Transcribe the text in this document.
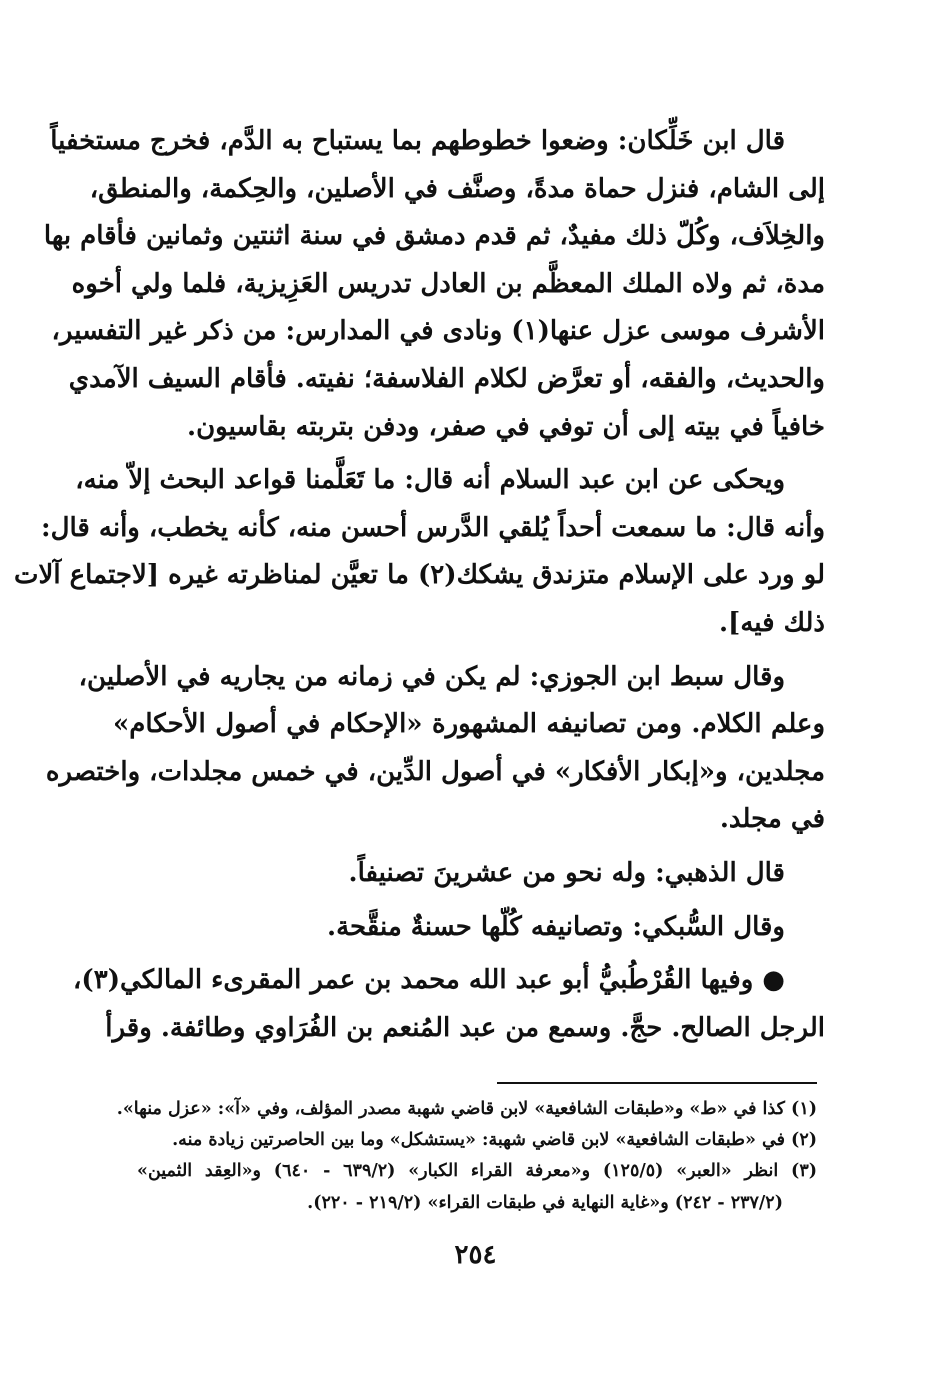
قال ابن خَلِّكان: وضعوا خطوطهم بما يستباح به الدَّم، فخرج مستخفياً
إلى الشام، فنزل حماة مدةً، وصنَّف في الأصلين، والحِكمة، والمنطق،
والخِلاَف، وكُلّ ذلك مفيدٌ، ثم قدم دمشق في سنة اثنتين وثمانين فأقام بها
مدة، ثم ولاه الملك المعظَّم بن العادل تدريس العَزِيزية، فلما ولي أخوه
الأشرف موسى عزل عنها(١) ونادى في المدارس: من ذكر غير التفسير،
والحديث، والفقه، أو تعرَّض لكلام الفلاسفة؛ نفيته. فأقام السيف الآمدي
خافياً في بيته إلى أن توفي في صفر، ودفن بتربته بقاسيون.
ويحكى عن ابن عبد السلام أنه قال: ما تَعَلَّمنا قواعد البحث إلاّ منه،
وأنه قال: ما سمعت أحداً يُلقي الدَّرس أحسن منه، كأنه يخطب، وأنه قال:
لو ورد على الإسلام متزندق يشكك(٢) ما تعيَّن لمناظرته غيره [لاجتماع آلات
ذلك فيه].
وقال سبط ابن الجوزي: لم يكن في زمانه من يجاريه في الأصلين،
وعلم الكلام. ومن تصانيفه المشهورة «الإحكام في أصول الأحكام»
مجلدين، و«إبكار الأفكار» في أصول الدِّين، في خمس مجلدات، واختصره
في مجلد.
قال الذهبي: وله نحو من عشرينَ تصنيفاً.
وقال السُّبكي: وتصانيفه كُلّها حسنةٌ منقَّحة.
● وفيها القُرْطُبيُّ أبو عبد الله محمد بن عمر المقرىء المالكي(٣)،
الرجل الصالح. حجَّ. وسمع من عبد المُنعم بن الفُرَاوي وطائفة. وقرأ
(١) كذا في «ط» و«طبقات الشافعية» لابن قاضي شهبة مصدر المؤلف، وفي «آ»: «عزل منها».
(٢) في «طبقات الشافعية» لابن قاضي شهبة: «يستشكل» وما بين الحاصرتين زيادة منه.
(٣) انظر «العبر» (١٢٥/٥) و«معرفة القراء الكبار» (٦٣٩/٢ - ٦٤٠) و«العِقد الثمين»
(٢٣٧/٢ - ٢٤٢) و«غاية النهاية في طبقات القراء» (٢١٩/٢ - ٢٢٠).
٢٥٤
